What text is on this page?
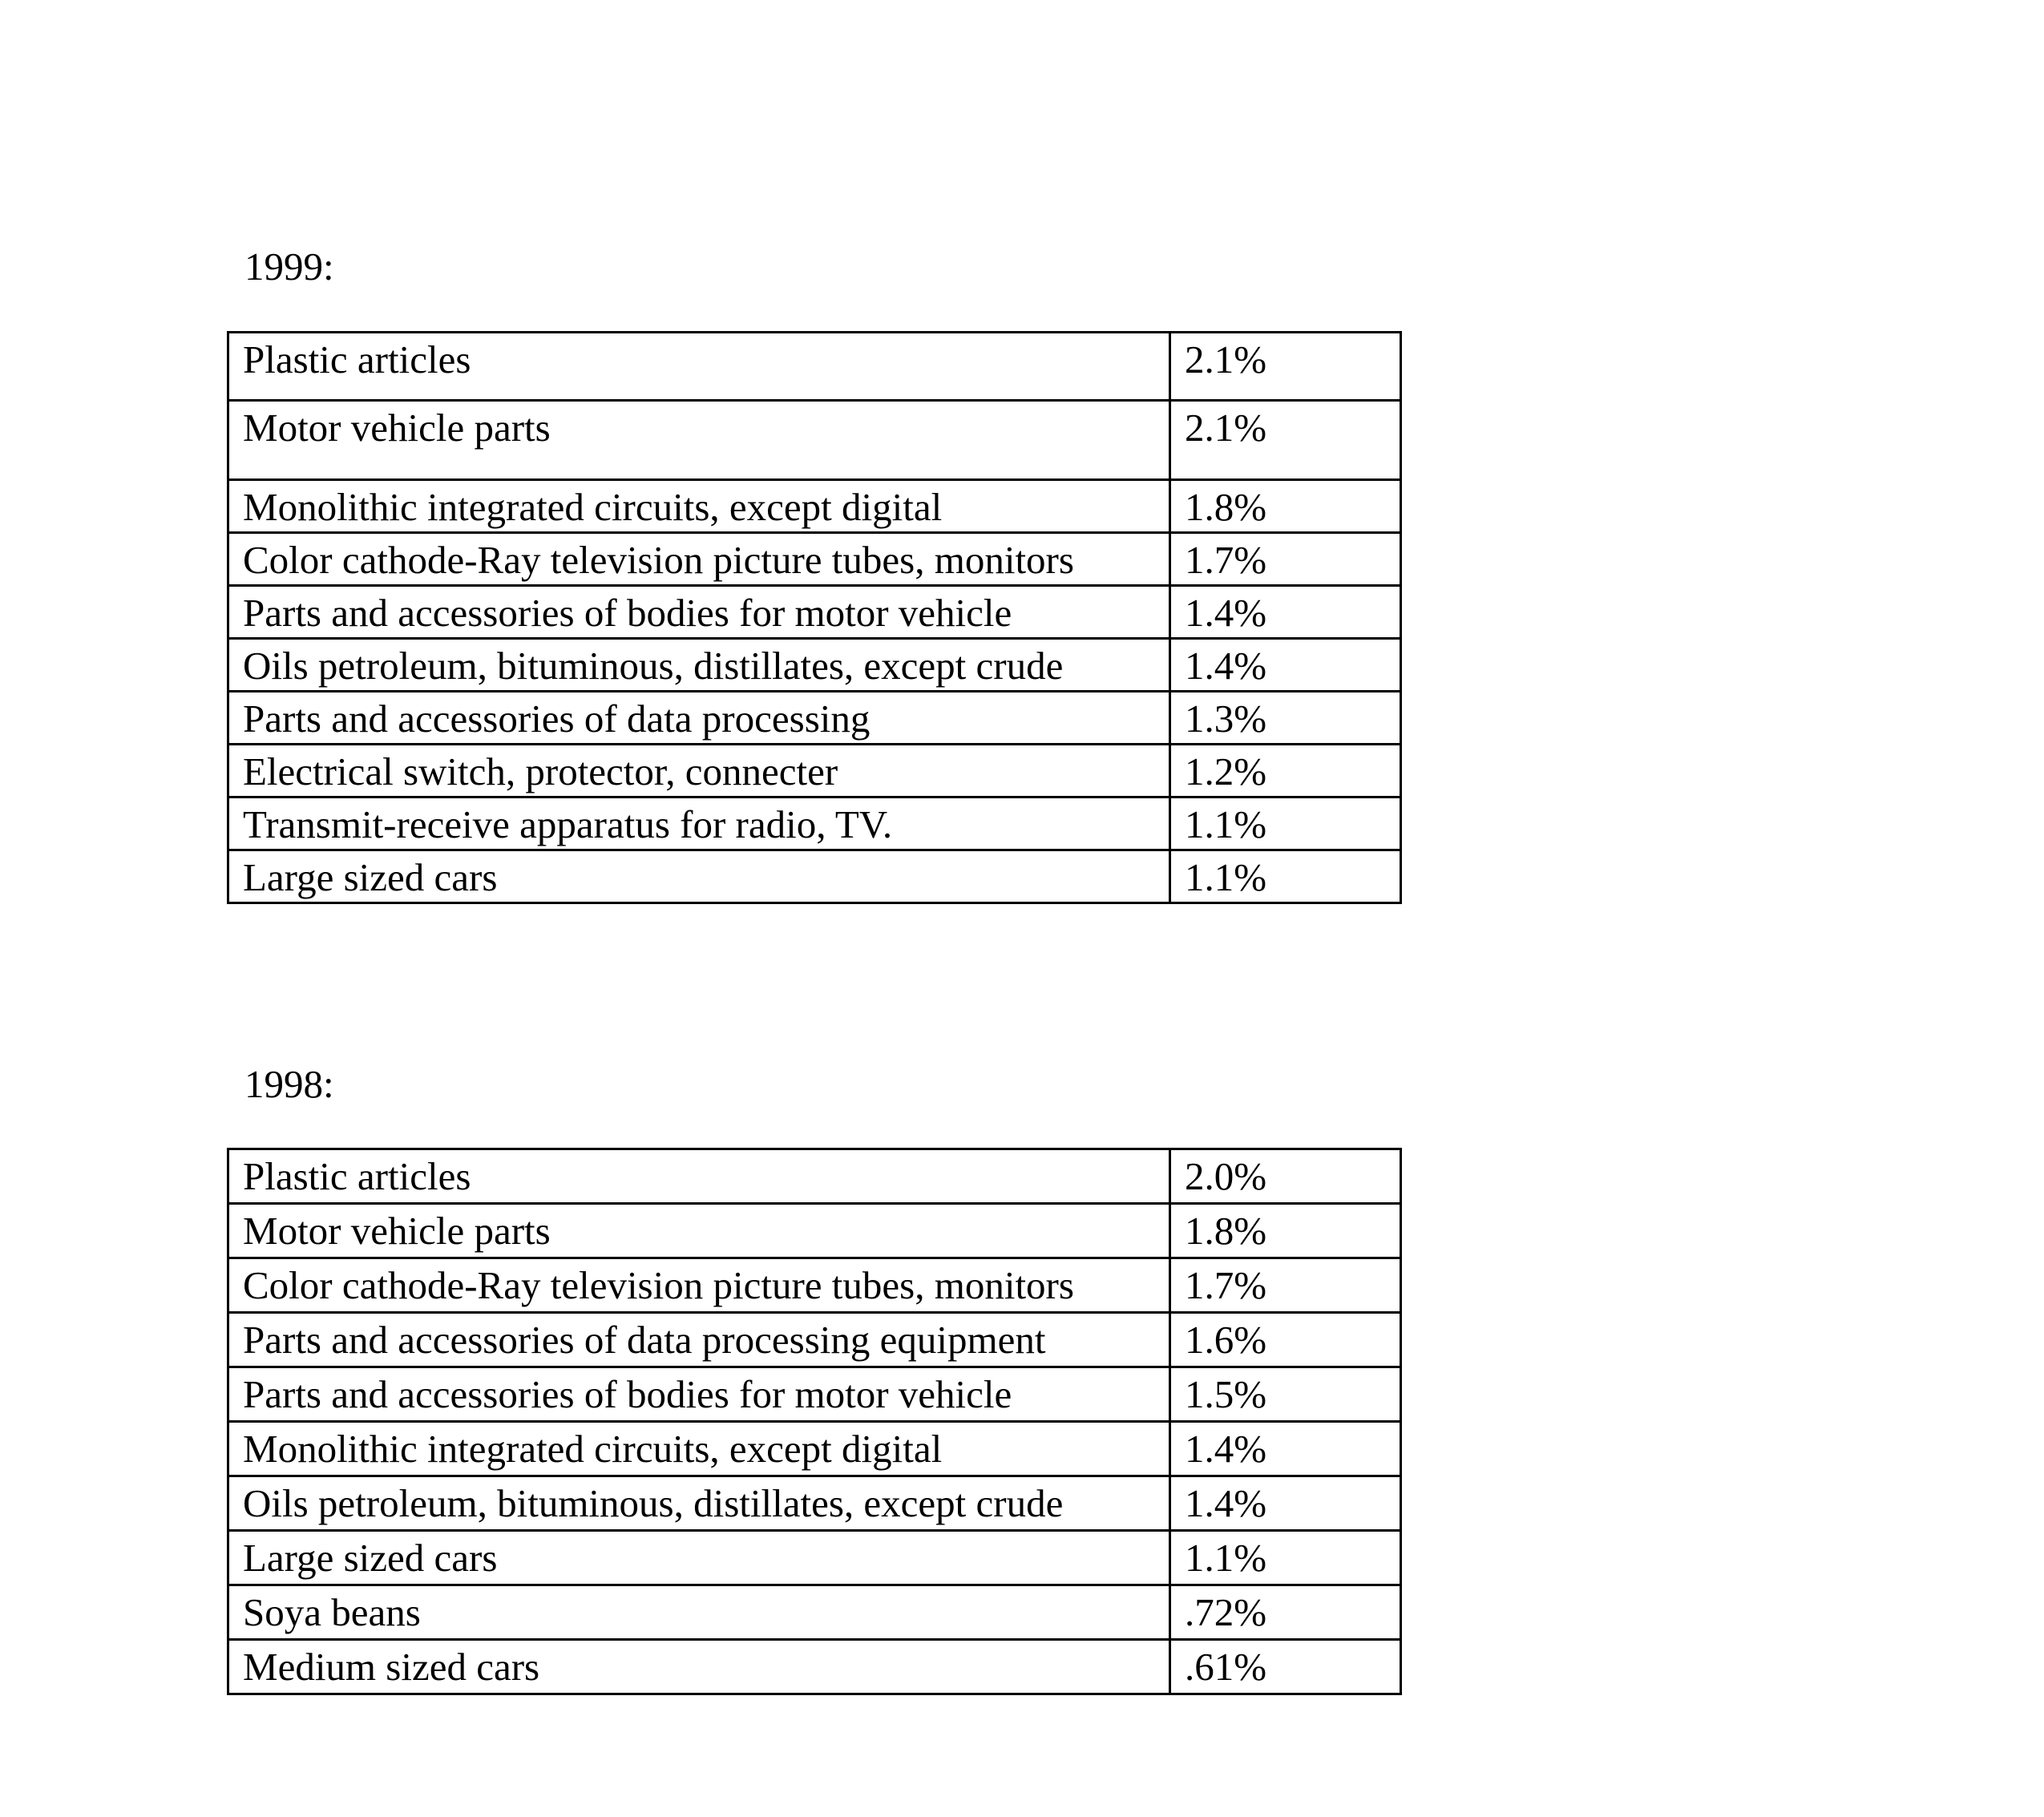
1999:
Plastic articles	2.1%
Motor vehicle parts	2.1%
Monolithic integrated circuits, except digital	1.8%
Color cathode-Ray television picture tubes, monitors	1.7%
Parts and accessories of bodies for motor vehicle	1.4%
Oils petroleum, bituminous, distillates, except crude	1.4%
Parts and accessories of data processing	1.3%
Electrical switch, protector, connecter	1.2%
Transmit-receive apparatus for radio, TV.	1.1%
Large sized cars	1.1%
1998:
Plastic articles	2.0%
Motor vehicle parts	1.8%
Color cathode-Ray television picture tubes, monitors	1.7%
Parts and accessories of data processing equipment	1.6%
Parts and accessories of bodies for motor vehicle	1.5%
Monolithic integrated circuits, except digital	1.4%
Oils petroleum, bituminous, distillates, except crude	1.4%
Large sized cars	1.1%
Soya beans	.72%
Medium sized cars	.61%
